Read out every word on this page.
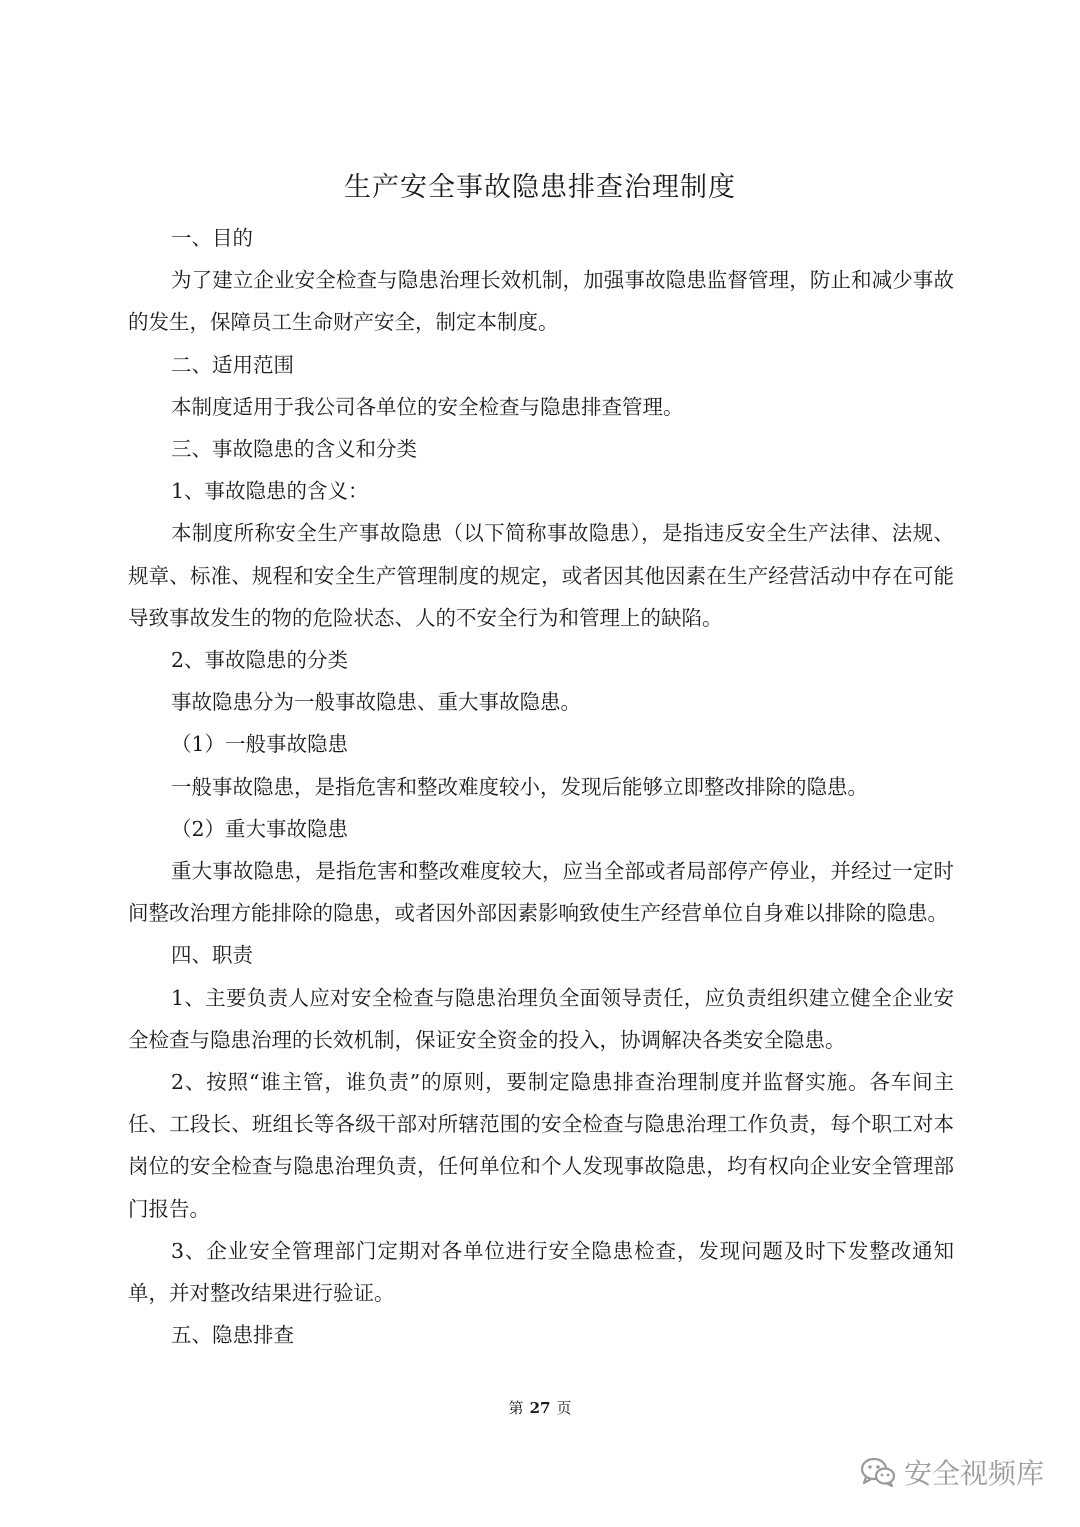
生产安全事故隐患排查治理制度

一、目的

为了建立企业安全检查与隐患治理长效机制，加强事故隐患监督管理，防止和减少事故的发生，保障员工生命财产安全，制定本制度。

二、适用范围

本制度适用于我公司各单位的安全检查与隐患排查管理。

三、事故隐患的含义和分类

1、事故隐患的含义：

本制度所称安全生产事故隐患（以下简称事故隐患），是指违反安全生产法律、法规、规章、标准、规程和安全生产管理制度的规定，或者因其他因素在生产经营活动中存在可能导致事故发生的物的危险状态、人的不安全行为和管理上的缺陷。

2、事故隐患的分类

事故隐患分为一般事故隐患、重大事故隐患。

（1）一般事故隐患

一般事故隐患，是指危害和整改难度较小，发现后能够立即整改排除的隐患。

（2）重大事故隐患

重大事故隐患，是指危害和整改难度较大，应当全部或者局部停产停业，并经过一定时间整改治理方能排除的隐患，或者因外部因素影响致使生产经营单位自身难以排除的隐患。

四、职责

1、主要负责人应对安全检查与隐患治理负全面领导责任，应负责组织建立健全企业安全检查与隐患治理的长效机制，保证安全资金的投入，协调解决各类安全隐患。

2、按照“谁主管，谁负责”的原则，要制定隐患排查治理制度并监督实施。各车间主任、工段长、班组长等各级干部对所辖范围的安全检查与隐患治理工作负责，每个职工对本岗位的安全检查与隐患治理负责，任何单位和个人发现事故隐患，均有权向企业安全管理部门报告。

3、企业安全管理部门定期对各单位进行安全隐患检查，发现问题及时下发整改通知单，并对整改结果进行验证。

五、隐患排查

第 27 页
安全视频库
